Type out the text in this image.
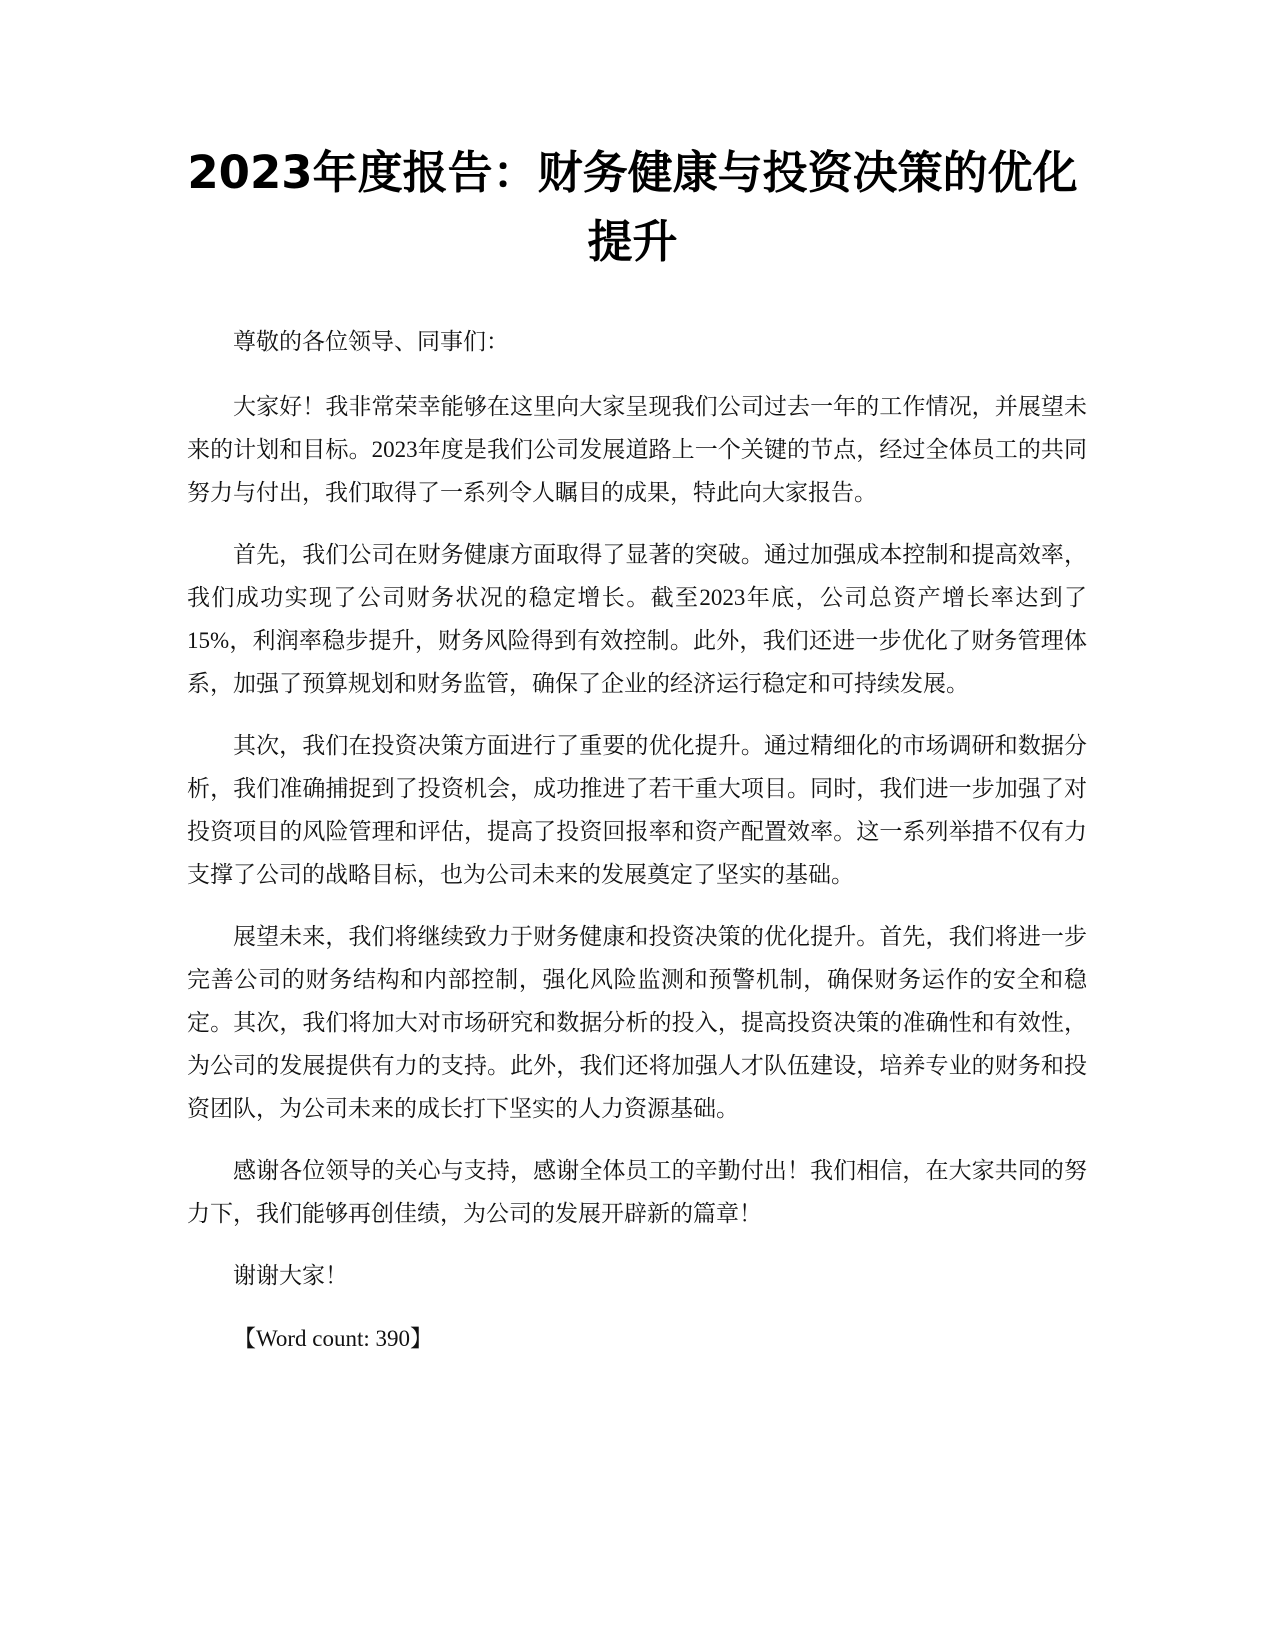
2023年度报告：财务健康与投资决策的优化提升

尊敬的各位领导、同事们：

大家好！我非常荣幸能够在这里向大家呈现我们公司过去一年的工作情况，并展望未来的计划和目标。2023年度是我们公司发展道路上一个关键的节点，经过全体员工的共同努力与付出，我们取得了一系列令人瞩目的成果，特此向大家报告。

首先，我们公司在财务健康方面取得了显著的突破。通过加强成本控制和提高效率，我们成功实现了公司财务状况的稳定增长。截至2023年底，公司总资产增长率达到了15%，利润率稳步提升，财务风险得到有效控制。此外，我们还进一步优化了财务管理体系，加强了预算规划和财务监管，确保了企业的经济运行稳定和可持续发展。

其次，我们在投资决策方面进行了重要的优化提升。通过精细化的市场调研和数据分析，我们准确捕捉到了投资机会，成功推进了若干重大项目。同时，我们进一步加强了对投资项目的风险管理和评估，提高了投资回报率和资产配置效率。这一系列举措不仅有力支撑了公司的战略目标，也为公司未来的发展奠定了坚实的基础。

展望未来，我们将继续致力于财务健康和投资决策的优化提升。首先，我们将进一步完善公司的财务结构和内部控制，强化风险监测和预警机制，确保财务运作的安全和稳定。其次，我们将加大对市场研究和数据分析的投入，提高投资决策的准确性和有效性，为公司的发展提供有力的支持。此外，我们还将加强人才队伍建设，培养专业的财务和投资团队，为公司未来的成长打下坚实的人力资源基础。

感谢各位领导的关心与支持，感谢全体员工的辛勤付出！我们相信，在大家共同的努力下，我们能够再创佳绩，为公司的发展开辟新的篇章！

谢谢大家！

【Word count: 390】
